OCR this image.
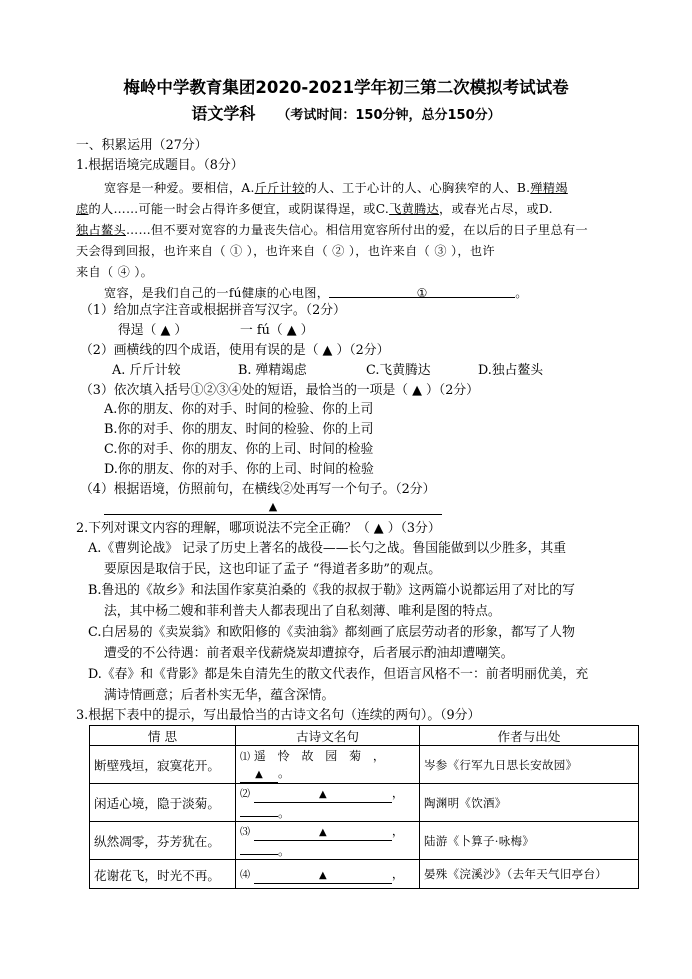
梅岭中学教育集团2020-2021学年初三第二次模拟考试试卷
语文学科 （考试时间：150分钟，总分150分）
一、积累运用（27分）
1.根据语境完成题目。（8分）
宽容是一种爱。要相信，A.斤斤计较的人、工于心计的人、心胸狭窄的人、B.殚精竭
虑的人……可能一时会占得许多便宜，或阴谋得逞，或C.飞黄腾达，或春光占尽，或D.
独占鳌头……但不要对宽容的力量丧失信心。相信用宽容所付出的爱，在以后的日子里总有一
天会得到回报，也许来自（ ① ），也许来自（ ② ），也许来自（ ③ ），也许
来自（ ④ ）。
宽容，是我们自己的一fú健康的心电图，	①	。
（1）给加点字注音或根据拼音写汉字。（2分）
得逞（ ▲ ）	一 fú（ ▲ ）
（2）画横线的四个成语，使用有误的是（ ▲ ）（2分）
A. 斤斤计较	B. 殚精竭虑	C.飞黄腾达	D.独占鳌头
（3）依次填入括号①②③④处的短语，最恰当的一项是（ ▲ ）（2分）
A.你的朋友、你的对手、时间的检验、你的上司
B.你的对手、你的朋友、时间的检验、你的上司
C.你的对手、你的朋友、你的上司、时间的检验
D.你的朋友、你的对手、你的上司、时间的检验
（4）根据语境，仿照前句，在横线②处再写一个句子。（2分）
▲
2.下列对课文内容的理解，哪项说法不完全正确？（ ▲ ）（3分）
A.《曹刿论战》 记录了历史上著名的战役——长勺之战。鲁国能做到以少胜多，其重
要原因是取信于民，这也印证了孟子 “得道者多助”的观点。
B.鲁迅的《故乡》和法国作家莫泊桑的《我的叔叔于勒》这两篇小说都运用了对比的写
法，其中杨二嫂和菲利普夫人都表现出了自私刻薄、唯利是图的特点。
C.白居易的《卖炭翁》和欧阳修的《卖油翁》都刻画了底层劳动者的形象，都写了人物
遭受的不公待遇：前者艰辛伐薪烧炭却遭掠夺，后者展示酌油却遭嘲笑。
D.《春》和《背影》都是朱自清先生的散文代表作，但语言风格不一：前者明丽优美，充
满诗情画意；后者朴实无华，蕴含深情。
3.根据下表中的提示，写出最恰当的古诗文名句（连续的两句）。（9分）
情 思	古诗文名句	作者与出处
断壁残垣，寂寞花开。	⑴ 遥 怜 故 园 菊 ，
▲ 。	岑参《行军九日思长安故园》
闲适心境，隐于淡菊。	⑵ ▲ ，
。	陶渊明《饮酒》
纵然凋零，芬芳犹在。	⑶ ▲ ，
。	陆游《卜算子·咏梅》
花谢花飞，时光不再。	⑷ ▲ ，	晏殊《浣溪沙》（去年天气旧亭台）
